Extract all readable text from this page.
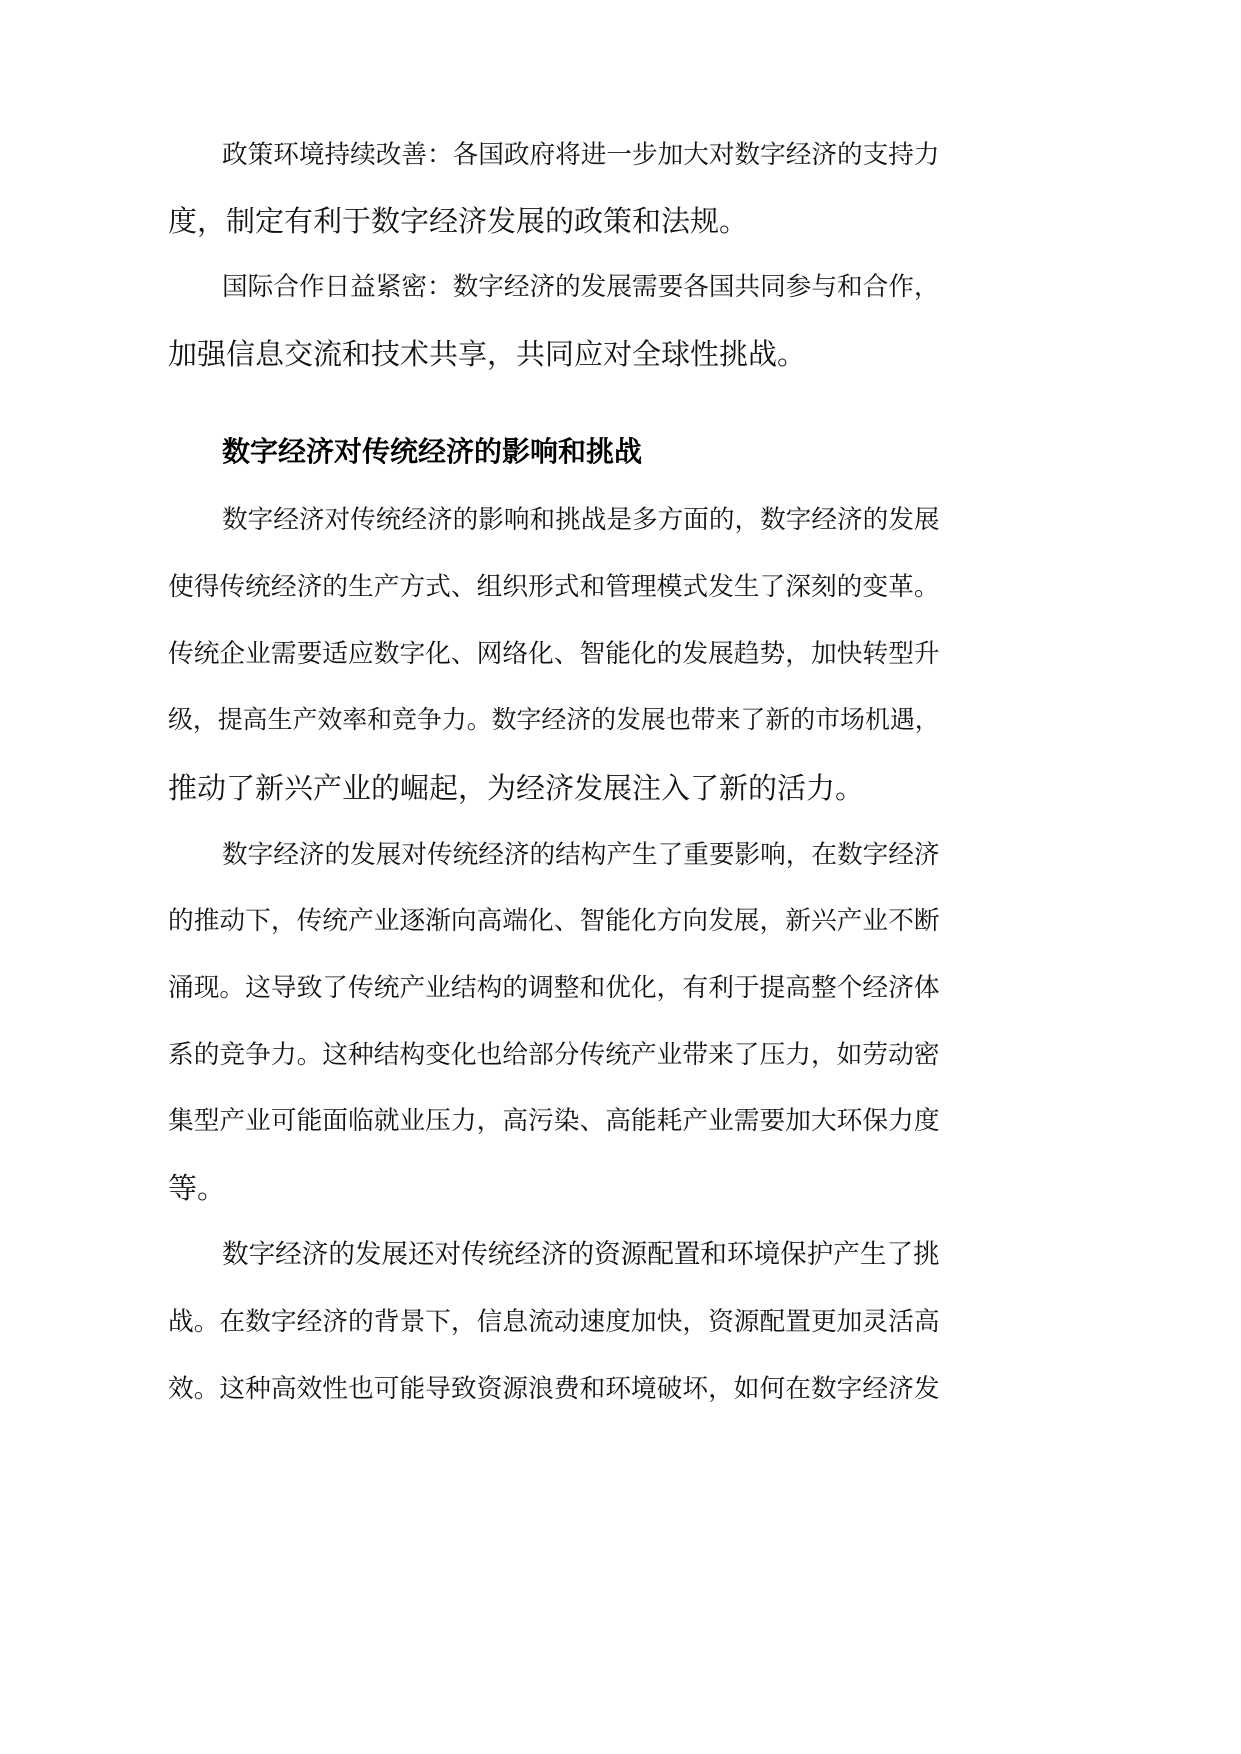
政策环境持续改善：各国政府将进一步加大对数字经济的支持力

度，制定有利于数字经济发展的政策和法规。

国际合作日益紧密：数字经济的发展需要各国共同参与和合作，

加强信息交流和技术共享，共同应对全球性挑战。

数字经济对传统经济的影响和挑战

数字经济对传统经济的影响和挑战是多方面的，数字经济的发展

使得传统经济的生产方式、组织形式和管理模式发生了深刻的变革。

传统企业需要适应数字化、网络化、智能化的发展趋势，加快转型升

级，提高生产效率和竞争力。数字经济的发展也带来了新的市场机遇，

推动了新兴产业的崛起，为经济发展注入了新的活力。

数字经济的发展对传统经济的结构产生了重要影响，在数字经济

的推动下，传统产业逐渐向高端化、智能化方向发展，新兴产业不断

涌现。这导致了传统产业结构的调整和优化，有利于提高整个经济体

系的竞争力。这种结构变化也给部分传统产业带来了压力，如劳动密

集型产业可能面临就业压力，高污染、高能耗产业需要加大环保力度

等。

数字经济的发展还对传统经济的资源配置和环境保护产生了挑

战。在数字经济的背景下，信息流动速度加快，资源配置更加灵活高

效。这种高效性也可能导致资源浪费和环境破坏，如何在数字经济发
